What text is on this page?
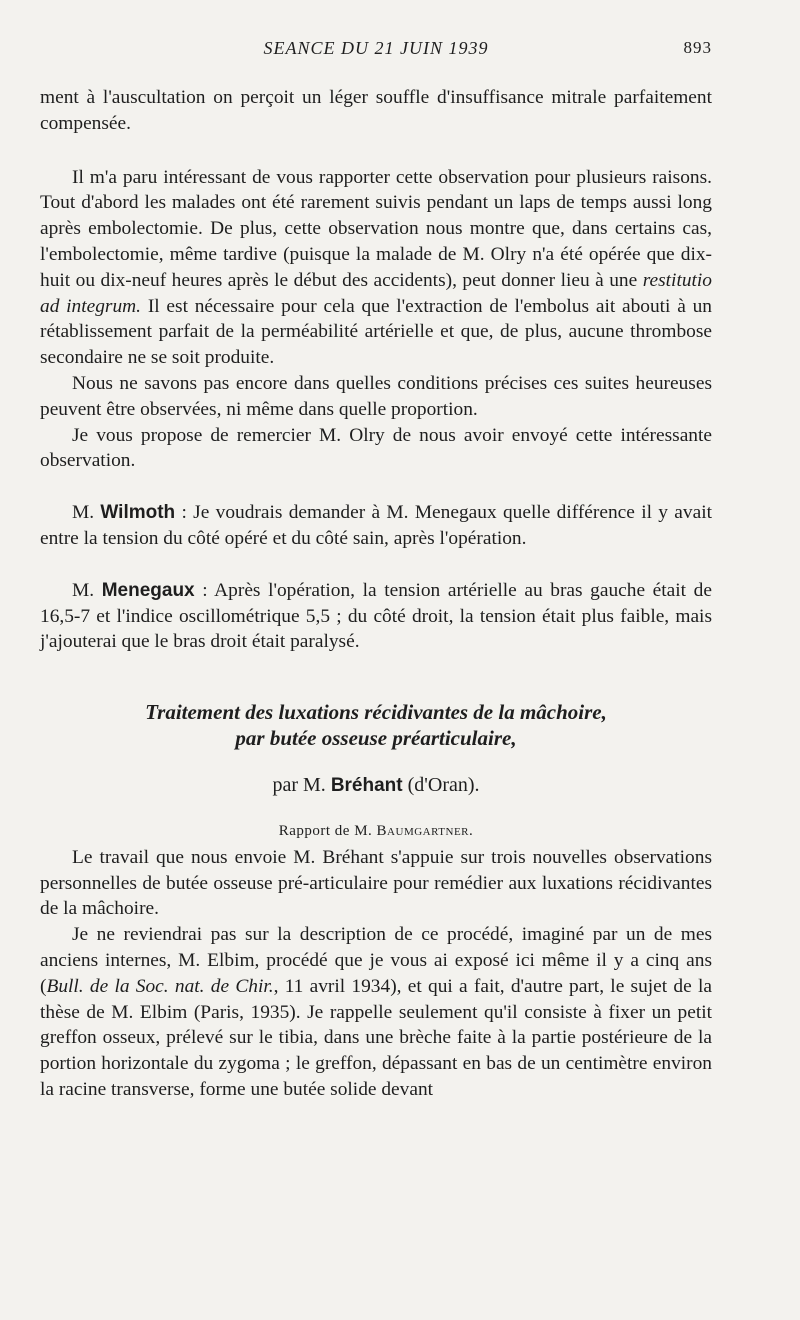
SEANCE DU 21 JUIN 1939	893

ment à l'auscultation on perçoit un léger souffle d'insuffisance mitrale parfaitement compensée.

Il m'a paru intéressant de vous rapporter cette observation pour plusieurs raisons. Tout d'abord les malades ont été rarement suivis pendant un laps de temps aussi long après embolectomie. De plus, cette observation nous montre que, dans certains cas, l'embolectomie, même tardive (puisque la malade de M. Olry n'a été opérée que dix-huit ou dix-neuf heures après le début des accidents), peut donner lieu à une restitutio ad integrum. Il est nécessaire pour cela que l'extraction de l'embolus ait abouti à un rétablissement parfait de la perméabilité artérielle et que, de plus, aucune thrombose secondaire ne se soit produite.

Nous ne savons pas encore dans quelles conditions précises ces suites heureuses peuvent être observées, ni même dans quelle proportion.

Je vous propose de remercier M. Olry de nous avoir envoyé cette intéressante observation.

M. Wilmoth : Je voudrais demander à M. Menegaux quelle différence il y avait entre la tension du côté opéré et du côté sain, après l'opération.

M. Menegaux : Après l'opération, la tension artérielle au bras gauche était de 16,5-7 et l'indice oscillométrique 5,5 ; du côté droit, la tension était plus faible, mais j'ajouterai que le bras droit était paralysé.

Traitement des luxations récidivantes de la mâchoire,
par butée osseuse préarticulaire,
par M. Bréhant (d'Oran).
Rapport de M. Baumgartner.

Le travail que nous envoie M. Bréhant s'appuie sur trois nouvelles observations personnelles de butée osseuse pré-articulaire pour remédier aux luxations récidivantes de la mâchoire.

Je ne reviendrai pas sur la description de ce procédé, imaginé par un de mes anciens internes, M. Elbim, procédé que je vous ai exposé ici même il y a cinq ans (Bull. de la Soc. nat. de Chir., 11 avril 1934), et qui a fait, d'autre part, le sujet de la thèse de M. Elbim (Paris, 1935). Je rappelle seulement qu'il consiste à fixer un petit greffon osseux, prélevé sur le tibia, dans une brèche faite à la partie postérieure de la portion horizontale du zygoma ; le greffon, dépassant en bas de un centimètre environ la racine transverse, forme une butée solide devant
